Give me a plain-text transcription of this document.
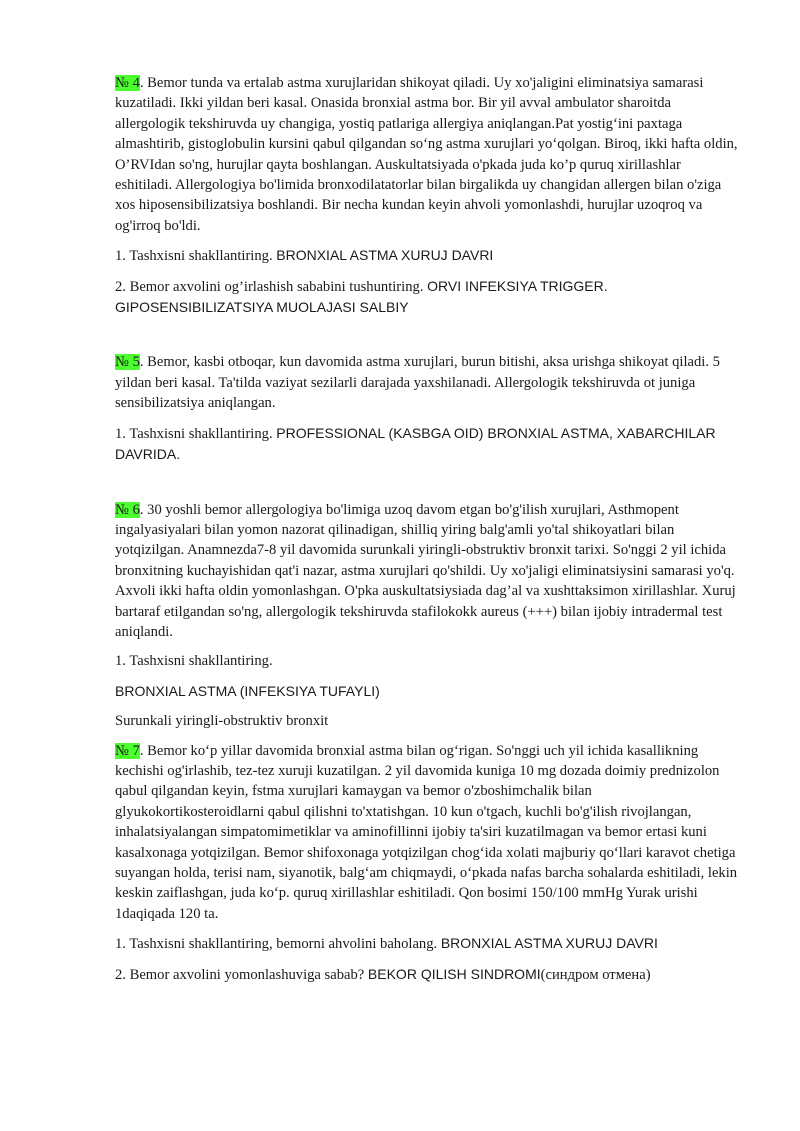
№ 4. Bemor tunda va ertalab astma xurujlaridan shikoyat qiladi. Uy xo'jaligini eliminatsiya samarasi kuzatiladi. Ikki yildan beri kasal. Onasida bronxial astma bor. Bir yil avval ambulator sharoitda allergologik tekshiruvda uy changiga, yostiq patlariga allergiya aniqlangan.Pat yostig‘ini paxtaga almashtirib, gistoglobulin kursini qabul qilgandan so‘ng astma xurujlari yo‘qolgan. Biroq, ikki hafta oldin, O’RVIdan so'ng, hurujlar qayta boshlangan. Auskultatsiyada o'pkada juda ko’p quruq xirillashlar eshitiladi. Allergologiya bo'limida bronxodilatatorlar bilan birgalikda uy changidan allergen bilan o'ziga xos hiposensibilizatsiya boshlandi. Bir necha kundan keyin ahvoli yomonlashdi, hurujlar uzoqroq va og'irroq bo'ldi.

1. Tashxisni shakllantiring. BRONXIAL ASTMA XURUJ DAVRI

2. Bemor axvolini og’irlashish sababini tushuntiring. ORVI INFEKSIYA TRIGGER. GIPOSENSIBILIZATSIYA MUOLAJASI SALBIY

№ 5. Bemor, kasbi otboqar, kun davomida astma xurujlari, burun bitishi, aksa urishga shikoyat qiladi. 5 yildan beri kasal. Ta'tilda vaziyat sezilarli darajada yaxshilanadi. Allergologik tekshiruvda ot juniga sensibilizatsiya aniqlangan.

1. Tashxisni shakllantiring. PROFESSIONAL (KASBGA OID) BRONXIAL ASTMA, XABARCHILAR DAVRIDA.

№ 6. 30 yoshli bemor allergologiya bo'limiga uzoq davom etgan bo'g'ilish xurujlari, Asthmopent ingalyasiyalari bilan yomon nazorat qilinadigan, shilliq yiring balg'amli yo'tal shikoyatlari bilan yotqizilgan. Anamnezda7-8 yil davomida surunkali yiringli-obstruktiv bronxit tarixi. So'nggi 2 yil ichida bronxitning kuchayishidan qat'i nazar, astma xurujlari qo'shildi. Uy xo'jaligi eliminatsiysini samarasi yo'q. Axvoli ikki hafta oldin yomonlashgan. O'pka auskultatsiysiada dag’al va xushttaksimon xirillashlar. Xuruj bartaraf etilgandan so'ng, allergologik tekshiruvda stafilokokk aureus (+++) bilan ijobiy intradermal test aniqlandi.

1. Tashxisni shakllantiring.

BRONXIAL ASTMA (INFEKSIYA TUFAYLI)

Surunkali yiringli-obstruktiv bronxit

№ 7. Bemor ko‘p yillar davomida bronxial astma bilan og‘rigan. So'nggi uch yil ichida kasallikning kechishi og'irlashib, tez-tez xuruji kuzatilgan. 2 yil davomida kuniga 10 mg dozada doimiy prednizolon qabul qilgandan keyin, fstma xurujlari kamaygan va bemor o'zboshimchalik bilan glyukokortikosteroidlarni qabul qilishni to'xtatishgan. 10 kun o'tgach, kuchli bo'g'ilish rivojlangan, inhalatsiyalangan simpatomimetiklar va aminofillinni ijobiy ta'siri kuzatilmagan va bemor ertasi kuni kasalxonaga yotqizilgan. Bemor shifoxonaga yotqizilgan chog‘ida xolati majburiy qo‘llari karavot chetiga suyangan holda, terisi nam, siyanotik, balg‘am chiqmaydi, o‘pkada nafas barcha sohalarda eshitiladi, lekin keskin zaiflashgan, juda ko‘p. quruq xirillashlar eshitiladi. Qon bosimi 150/100 mmHg Yurak urishi 1daqiqada 120 ta.

1. Tashxisni shakllantiring, bemorni ahvolini baholang. BRONXIAL ASTMA XURUJ DAVRI

2. Bemor axvolini yomonlashuviga sabab? BEKOR QILISH SINDROMI(синдром отмена)
